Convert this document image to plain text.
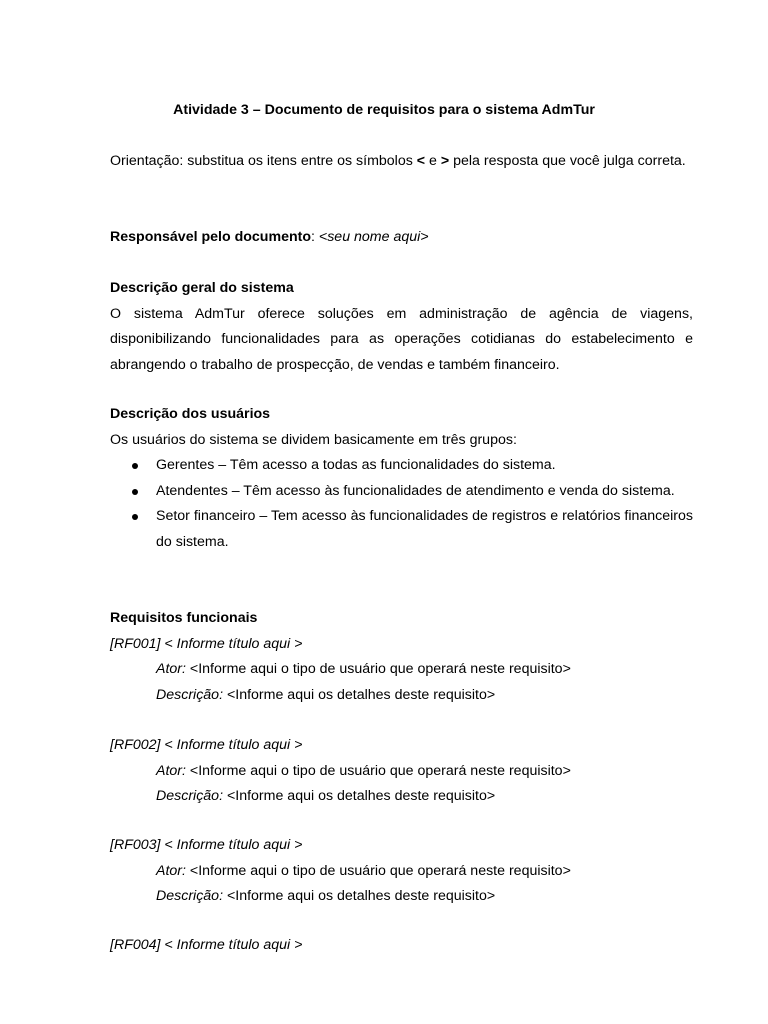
Atividade 3 – Documento de requisitos para o sistema AdmTur
Orientação: substitua os itens entre os símbolos < e > pela resposta que você julga correta.
Responsável pelo documento: <seu nome aqui>
Descrição geral do sistema
O sistema AdmTur oferece soluções em administração de agência de viagens, disponibilizando funcionalidades para as operações cotidianas do estabelecimento e abrangendo o trabalho de prospecção, de vendas e também financeiro.
Descrição dos usuários
Os usuários do sistema se dividem basicamente em três grupos:
Gerentes – Têm acesso a todas as funcionalidades do sistema.
Atendentes – Têm acesso às funcionalidades de atendimento e venda do sistema.
Setor financeiro – Tem acesso às funcionalidades de registros e relatórios financeiros do sistema.
Requisitos funcionais
[RF001] < Informe título aqui >
Ator: <Informe aqui o tipo de usuário que operará neste requisito>
Descrição: <Informe aqui os detalhes deste requisito>
[RF002] < Informe título aqui >
Ator: <Informe aqui o tipo de usuário que operará neste requisito>
Descrição: <Informe aqui os detalhes deste requisito>
[RF003] < Informe título aqui >
Ator: <Informe aqui o tipo de usuário que operará neste requisito>
Descrição: <Informe aqui os detalhes deste requisito>
[RF004] < Informe título aqui >
